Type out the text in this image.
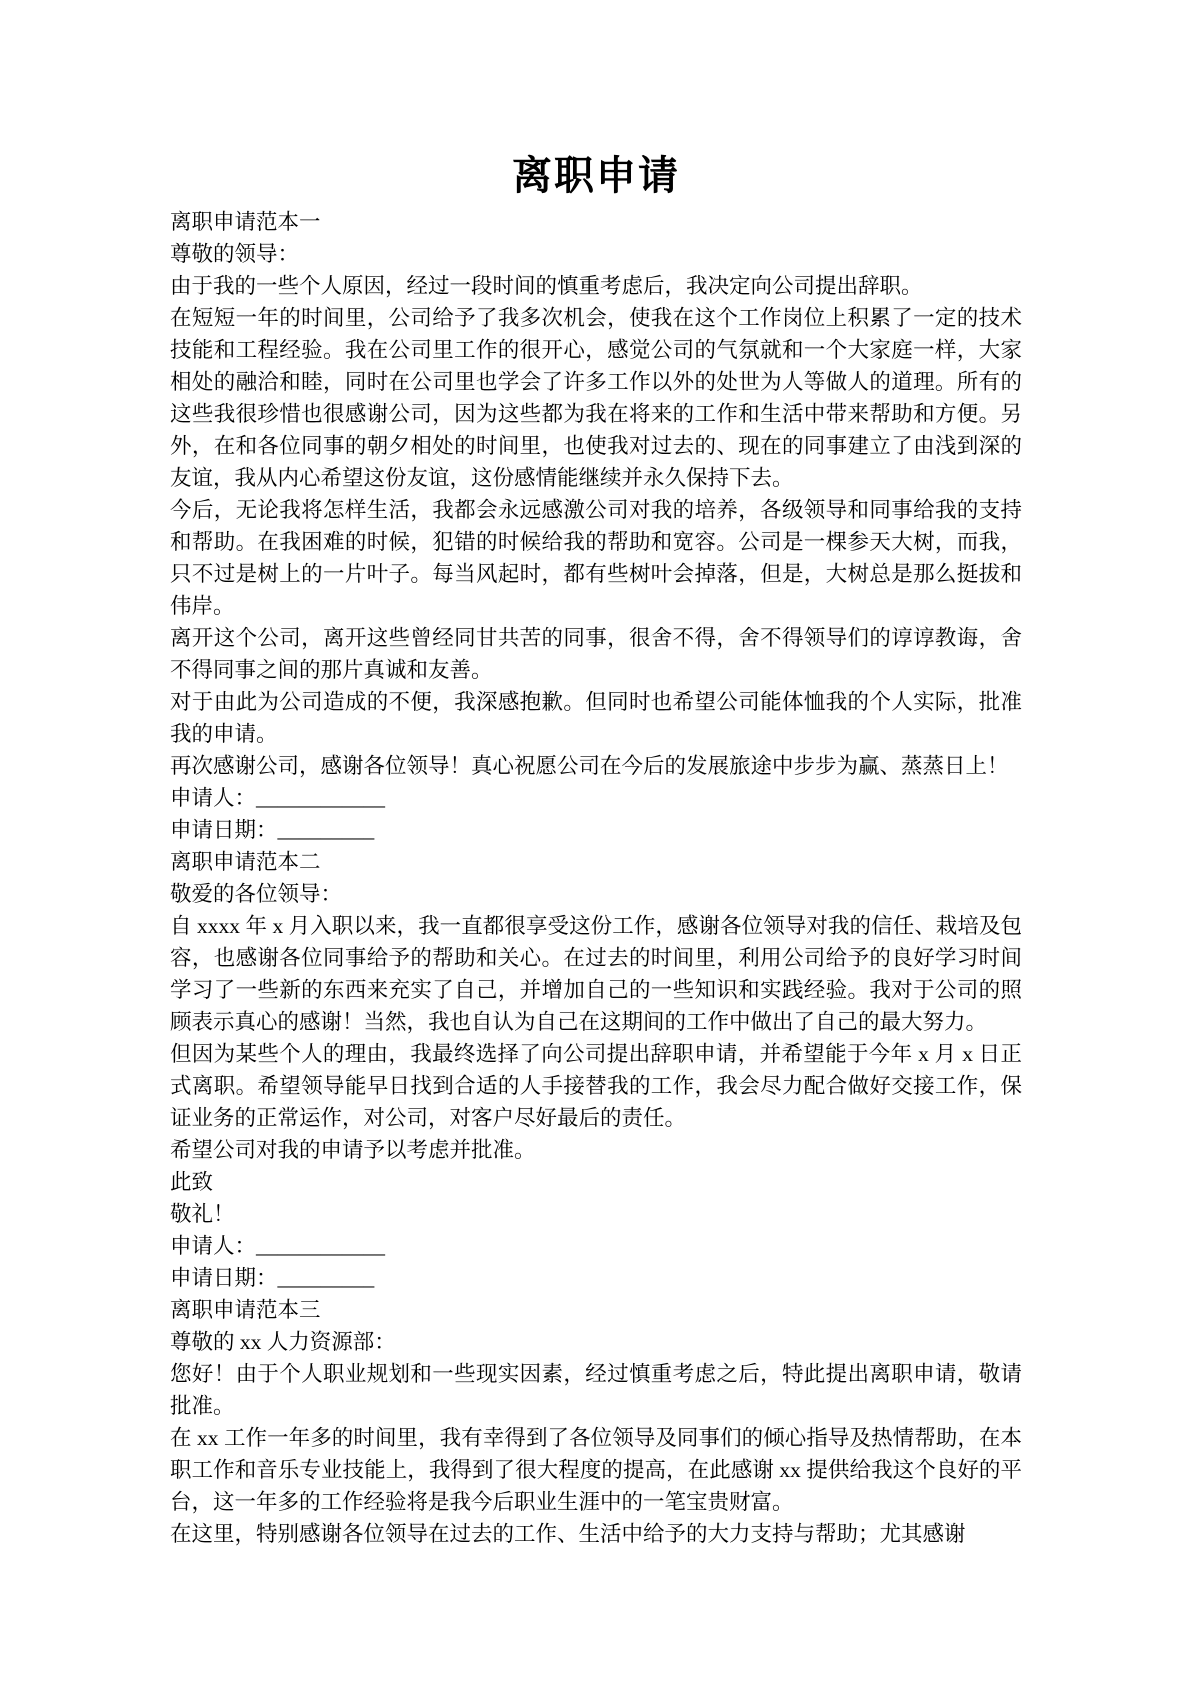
离职申请

离职申请范本一

尊敬的领导：

由于我的一些个人原因，经过一段时间的慎重考虑后，我决定向公司提出辞职。

在短短一年的时间里，公司给予了我多次机会，使我在这个工作岗位上积累了一定的技术技能和工程经验。我在公司里工作的很开心，感觉公司的气氛就和一个大家庭一样，大家相处的融洽和睦，同时在公司里也学会了许多工作以外的处世为人等做人的道理。所有的这些我很珍惜也很感谢公司，因为这些都为我在将来的工作和生活中带来帮助和方便。另外，在和各位同事的朝夕相处的时间里，也使我对过去的、现在的同事建立了由浅到深的友谊，我从内心希望这份友谊，这份感情能继续并永久保持下去。

今后，无论我将怎样生活，我都会永远感激公司对我的培养，各级领导和同事给我的支持和帮助。在我困难的时候，犯错的时候给我的帮助和宽容。公司是一棵参天大树，而我，只不过是树上的一片叶子。每当风起时，都有些树叶会掉落，但是，大树总是那么挺拔和伟岸。

离开这个公司，离开这些曾经同甘共苦的同事，很舍不得，舍不得领导们的谆谆教诲，舍不得同事之间的那片真诚和友善。

对于由此为公司造成的不便，我深感抱歉。但同时也希望公司能体恤我的个人实际，批准我的申请。

再次感谢公司，感谢各位领导！真心祝愿公司在今后的发展旅途中步步为赢、蒸蒸日上！

申请人：____________

申请日期：_________

离职申请范本二

敬爱的各位领导：

自 xxxx 年 x 月入职以来，我一直都很享受这份工作，感谢各位领导对我的信任、栽培及包容，也感谢各位同事给予的帮助和关心。在过去的时间里，利用公司给予的良好学习时间学习了一些新的东西来充实了自己，并增加自己的一些知识和实践经验。我对于公司的照顾表示真心的感谢！当然，我也自认为自己在这期间的工作中做出了自己的最大努力。

但因为某些个人的理由，我最终选择了向公司提出辞职申请，并希望能于今年 x 月 x 日正式离职。希望领导能早日找到合适的人手接替我的工作，我会尽力配合做好交接工作，保证业务的正常运作，对公司，对客户尽好最后的责任。

希望公司对我的申请予以考虑并批准。

此致

敬礼！

申请人：____________

申请日期：_________

离职申请范本三

尊敬的 xx 人力资源部：

您好！由于个人职业规划和一些现实因素，经过慎重考虑之后，特此提出离职申请，敬请批准。

在 xx 工作一年多的时间里，我有幸得到了各位领导及同事们的倾心指导及热情帮助，在本职工作和音乐专业技能上，我得到了很大程度的提高，在此感谢 xx 提供给我这个良好的平台，这一年多的工作经验将是我今后职业生涯中的一笔宝贵财富。

在这里，特别感谢各位领导在过去的工作、生活中给予的大力支持与帮助；尤其感谢
